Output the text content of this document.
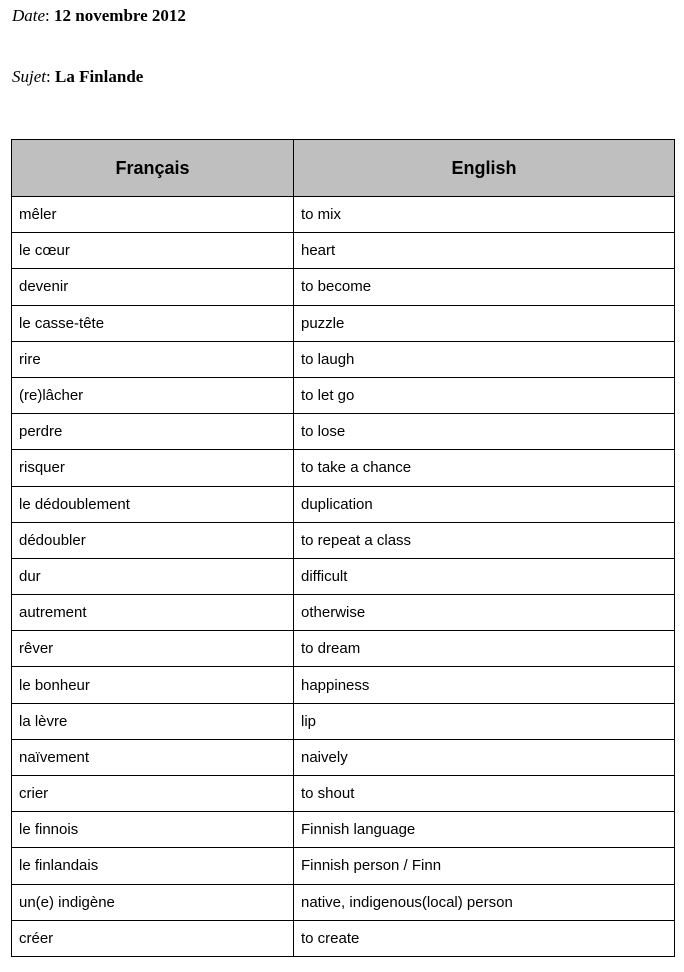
Date: 12 novembre 2012
Sujet: La Finlande
Français	English
mêler	to mix
le cœur	heart
devenir	to become
le casse-tête	puzzle
rire	to laugh
(re)lâcher	to let go
perdre	to lose
risquer	to take a chance
le dédoublement	duplication
dédoubler	to repeat a class
dur	difficult
autrement	otherwise
rêver	to dream
le bonheur	happiness
la lèvre	lip
naïvement	naively
crier	to shout
le finnois	Finnish language
le finlandais	Finnish person / Finn
un(e) indigène	native, indigenous(local) person
créer	to create
